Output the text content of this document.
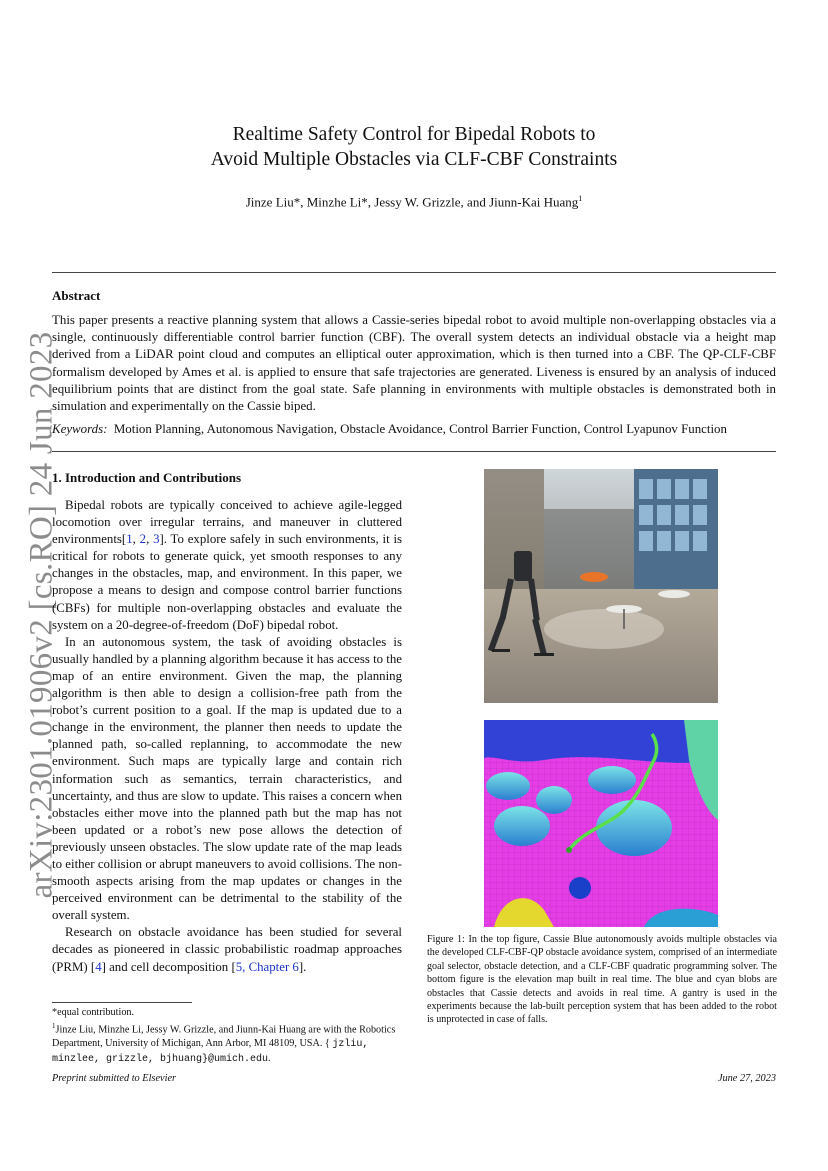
arXiv:2301.01906v2 [cs.RO] 24 Jun 2023
Realtime Safety Control for Bipedal Robots to
Avoid Multiple Obstacles via CLF-CBF Constraints
Jinze Liu*, Minzhe Li*, Jessy W. Grizzle, and Jiunn-Kai Huang$^1$
Abstract
This paper presents a reactive planning system that allows a Cassie-series bipedal robot to avoid multiple non-overlapping obstacles via a single, continuously differentiable control barrier function (CBF). The overall system detects an individual obstacle via a height map derived from a LiDAR point cloud and computes an elliptical outer approximation, which is then turned into a CBF. The QP-CLF-CBF formalism developed by Ames et al. is applied to ensure that safe trajectories are generated. Liveness is ensured by an analysis of induced equilibrium points that are distinct from the goal state. Safe planning in environments with multiple obstacles is demonstrated both in simulation and experimentally on the Cassie biped.
Keywords: Motion Planning, Autonomous Navigation, Obstacle Avoidance, Control Barrier Function, Control Lyapunov Function
1. Introduction and Contributions

Bipedal robots are typically conceived to achieve agile-legged locomotion over irregular terrains, and maneuver in cluttered environments[1, 2, 3]. To explore safely in such environments, it is critical for robots to generate quick, yet smooth responses to any changes in the obstacles, map, and environment. In this paper, we propose a means to design and compose control barrier functions (CBFs) for multiple non-overlapping obstacles and evaluate the system on a 20-degree-of-freedom (DoF) bipedal robot.

In an autonomous system, the task of avoiding obstacles is usually handled by a planning algorithm because it has access to the map of an entire environment. Given the map, the planning algorithm is then able to design a collision-free path from the robot’s current position to a goal. If the map is updated due to a change in the environment, the planner then needs to update the planned path, so-called replanning, to accommodate the new environment. Such maps are typically large and contain rich information such as semantics, terrain characteristics, and uncertainty, and thus are slow to update. This raises a concern when obstacles either move into the planned path but the map has not been updated or a robot’s new pose allows the detection of previously unseen obstacles. The slow update rate of the map leads to either collision or abrupt maneuvers to avoid collisions. The non-smooth aspects arising from the map updates or changes in the perceived environment can be detrimental to the stability of the overall system.

Research on obstacle avoidance has been studied for several decades as pioneered in classic probabilistic roadmap approaches (PRM) [4] and cell decomposition [5, Chapter 6].

*equal contribution.
$^1$Jinze Liu, Minzhe Li, Jessy W. Grizzle, and Jiunn-Kai Huang are with the Robotics Department, University of Michigan, Ann Arbor, MI 48109, USA. { jzliu, minzlee, grizzle, bjhuang}@umich.edu.
Figure 1: In the top figure, Cassie Blue autonomously avoids multiple obstacles via the developed CLF-CBF-QP obstacle avoidance system, comprised of an intermediate goal selector, obstacle detection, and a CLF-CBF quadratic programming solver. The bottom figure is the elevation map built in real time. The blue and cyan blobs are obstacles that Cassie detects and avoids in real time. A gantry is used in the experiments because the lab-built perception system that has been added to the robot is unprotected in case of falls.
Preprint submitted to Elsevier	June 27, 2023
